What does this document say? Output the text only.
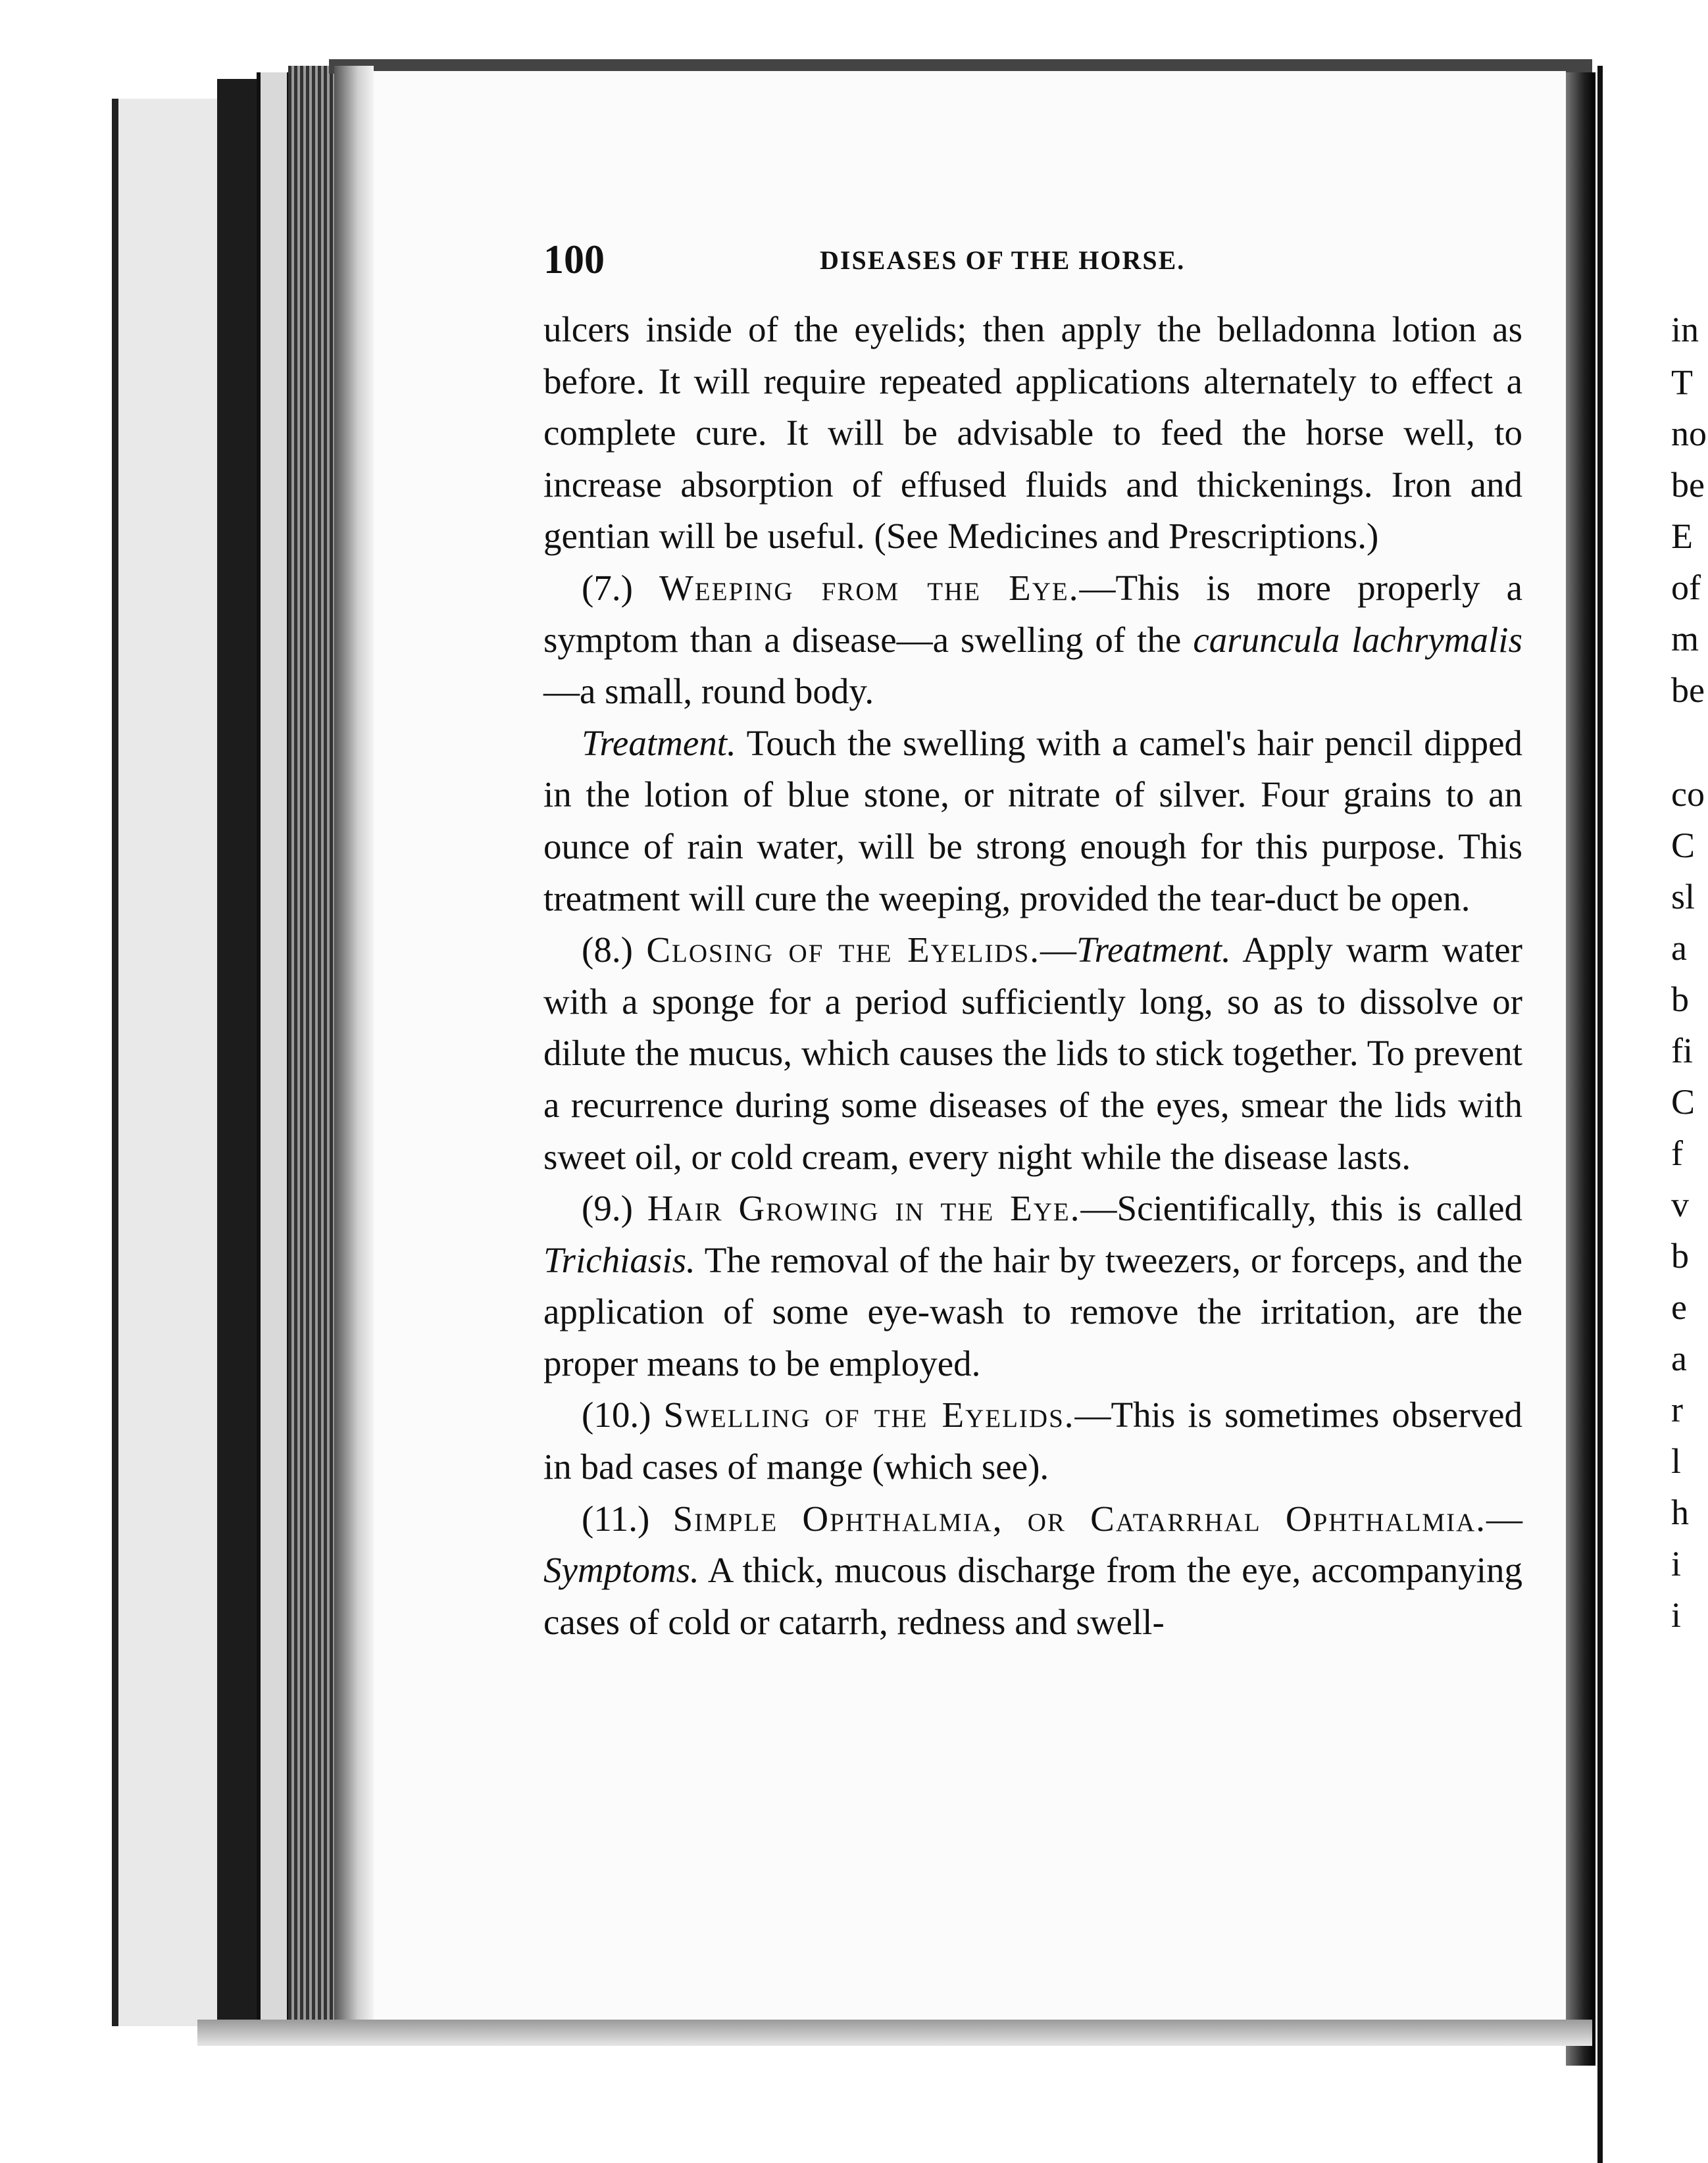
in
T
no
be
E
of
m
be
co
C
sl
a
b
fi
C
f
v
b
e
a
r
l
h
i
i
100	DISEASES OF THE HORSE.

ulcers inside of the eyelids; then apply the belladonna lotion as before. It will require repeated applications alternately to effect a complete cure. It will be advisable to feed the horse well, to increase absorption of effused fluids and thickenings. Iron and gentian will be useful. (See Medicines and Prescriptions.)

(7.) Weeping from the Eye.—This is more properly a symptom than a disease—a swelling of the caruncula lachrymalis—a small, round body.

Treatment. Touch the swelling with a camel's hair pencil dipped in the lotion of blue stone, or nitrate of silver. Four grains to an ounce of rain water, will be strong enough for this purpose. This treatment will cure the weeping, provided the tear-duct be open.

(8.) Closing of the Eyelids.—Treatment. Apply warm water with a sponge for a period sufficiently long, so as to dissolve or dilute the mucus, which causes the lids to stick together. To prevent a recurrence during some diseases of the eyes, smear the lids with sweet oil, or cold cream, every night while the disease lasts.

(9.) Hair Growing in the Eye.—Scientifically, this is called Trichiasis. The removal of the hair by tweezers, or forceps, and the application of some eye-wash to remove the irritation, are the proper means to be employed.

(10.) Swelling of the Eyelids.—This is sometimes observed in bad cases of mange (which see).

(11.) Simple Ophthalmia, or Catarrhal Ophthalmia.—Symptoms. A thick, mucous discharge from the eye, accompanying cases of cold or catarrh, redness and swell-
